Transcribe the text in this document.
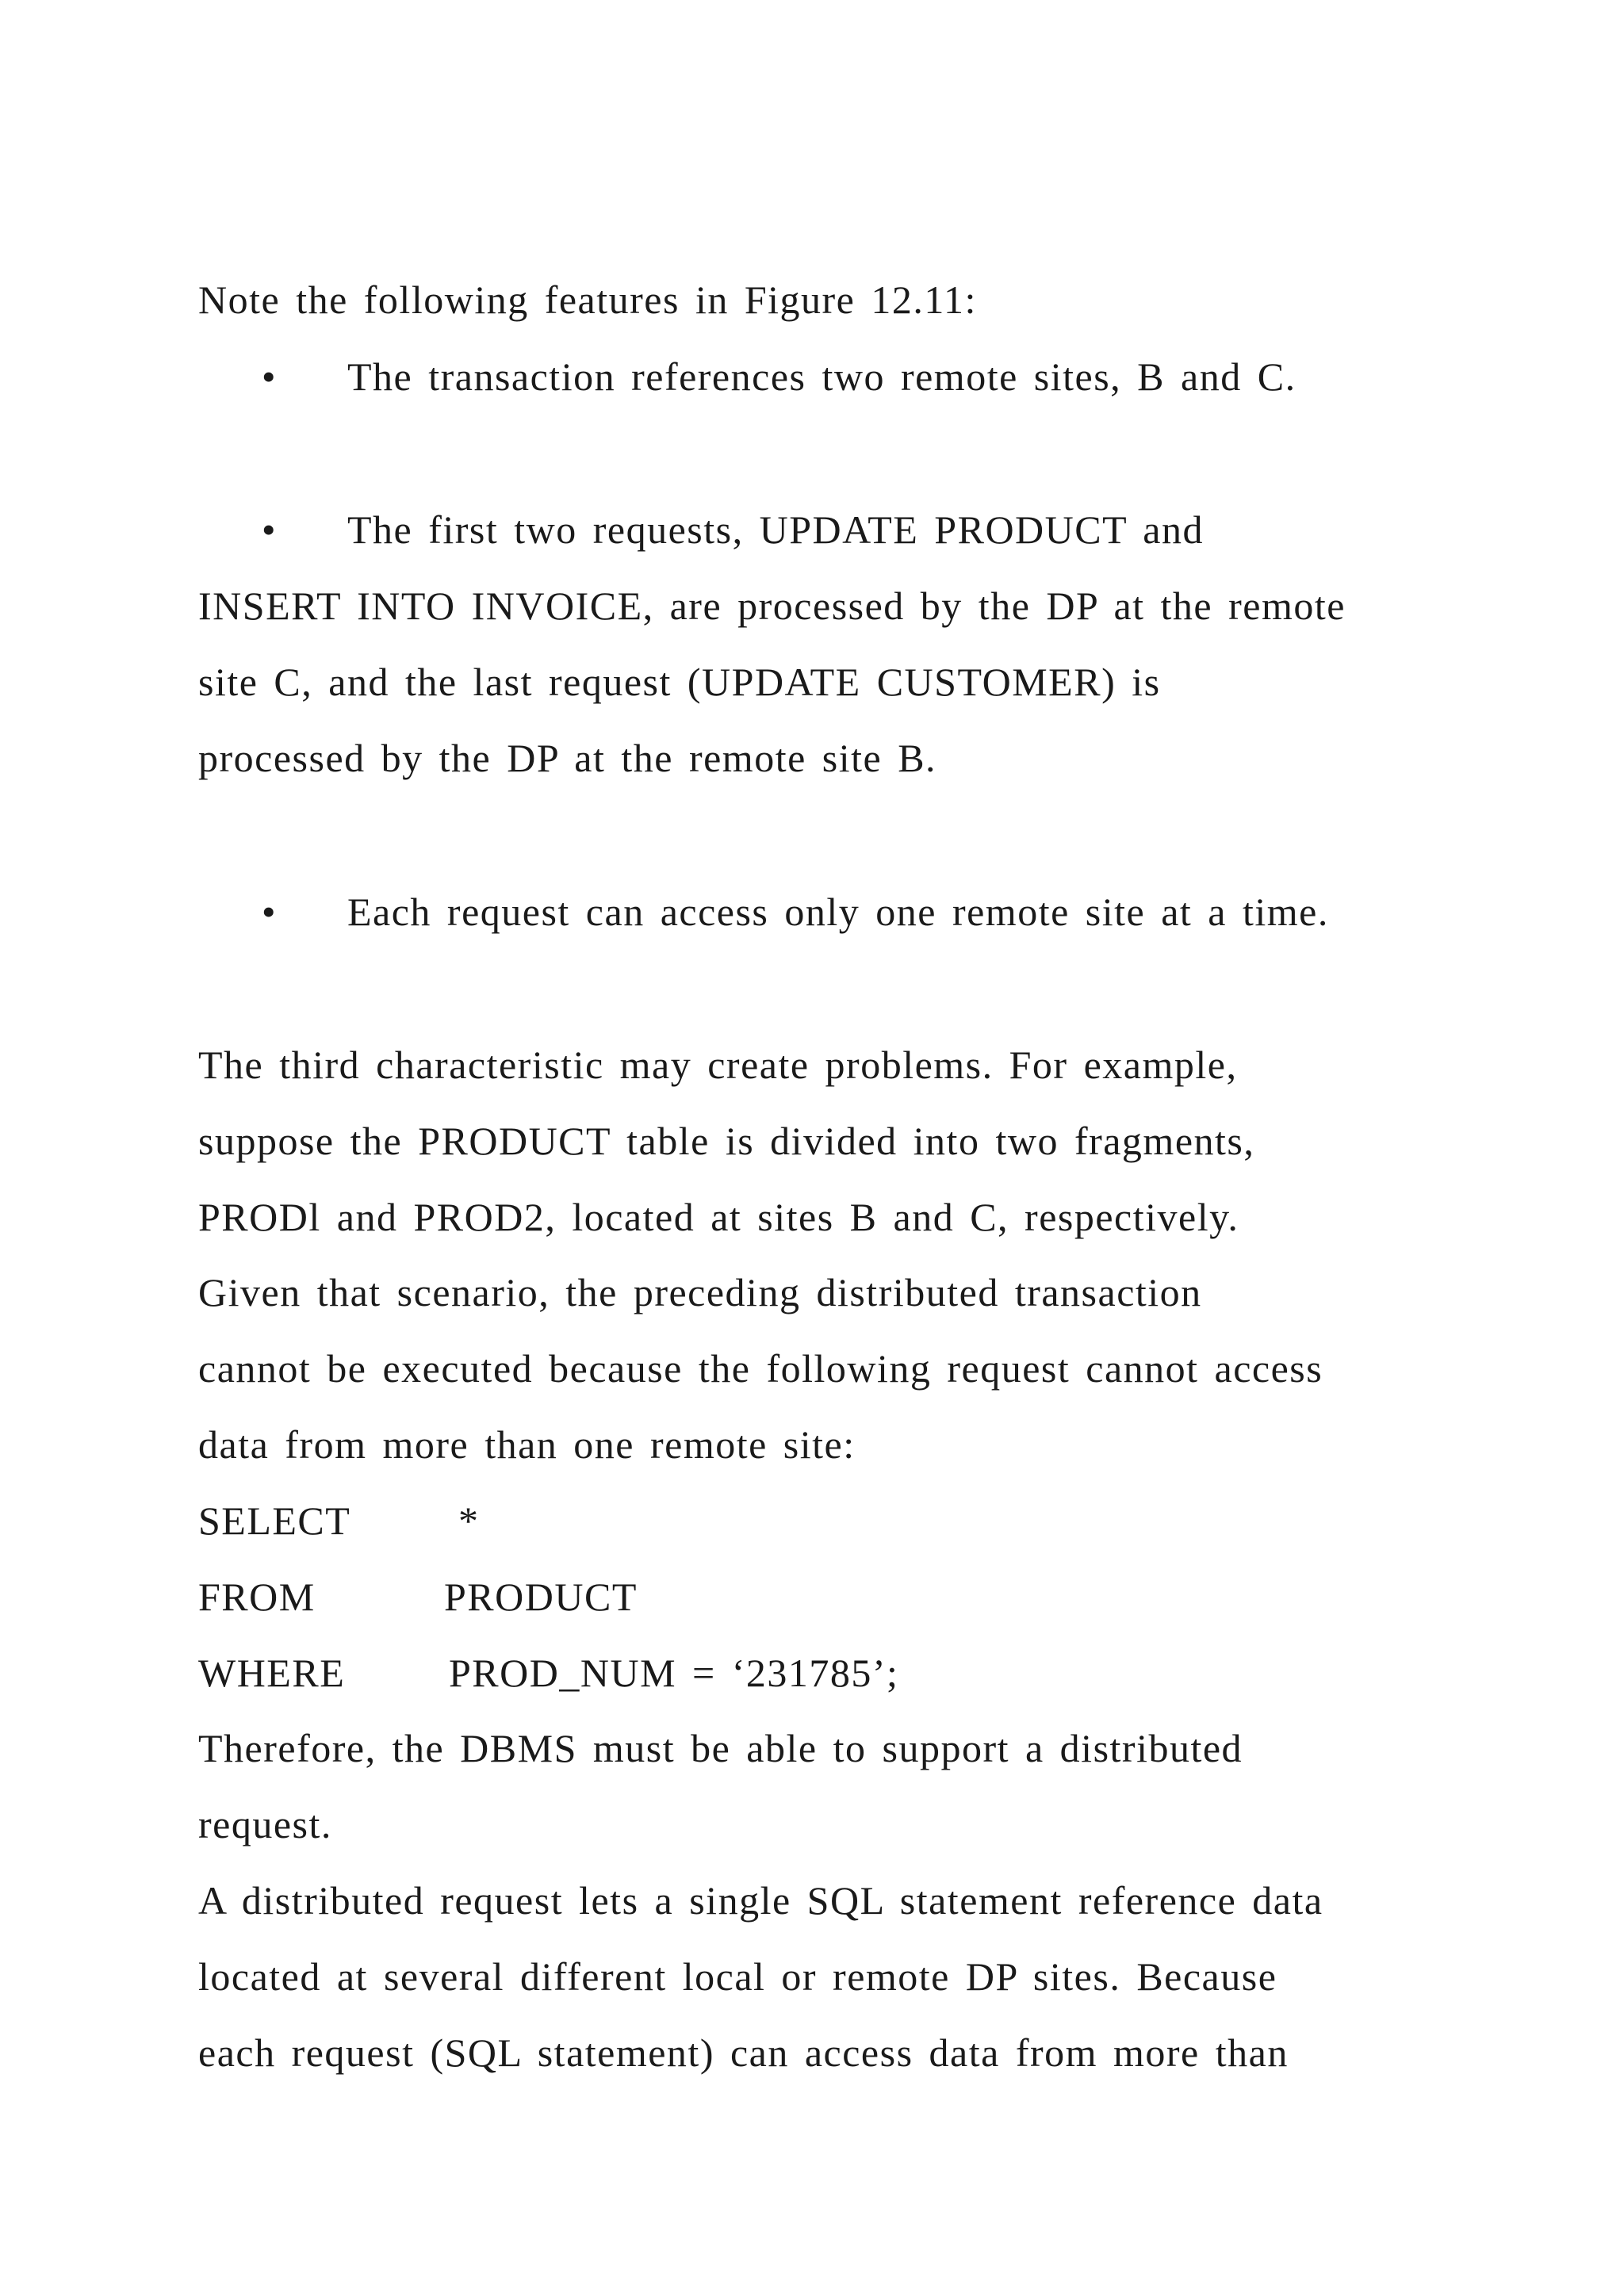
Note the following features in Figure 12.11:
• The transaction references two remote sites, B and C.
• The first two requests, UPDATE PRODUCT and
INSERT INTO INVOICE, are processed by the DP at the remote
site C, and the last request (UPDATE CUSTOMER) is
processed by the DP at the remote site B.
• Each request can access only one remote site at a time.
The third characteristic may create problems. For example,
suppose the PRODUCT table is divided into two fragments,
PRODl and PROD2, located at sites B and C, respectively.
Given that scenario, the preceding distributed transaction
cannot be executed because the following request cannot access
data from more than one remote site:
SELECT	*
FROM	PRODUCT
WHERE	PROD_NUM = ‘231785’;
Therefore, the DBMS must be able to support a distributed
request.
A distributed request lets a single SQL statement reference data
located at several different local or remote DP sites. Because
each request (SQL statement) can access data from more than
